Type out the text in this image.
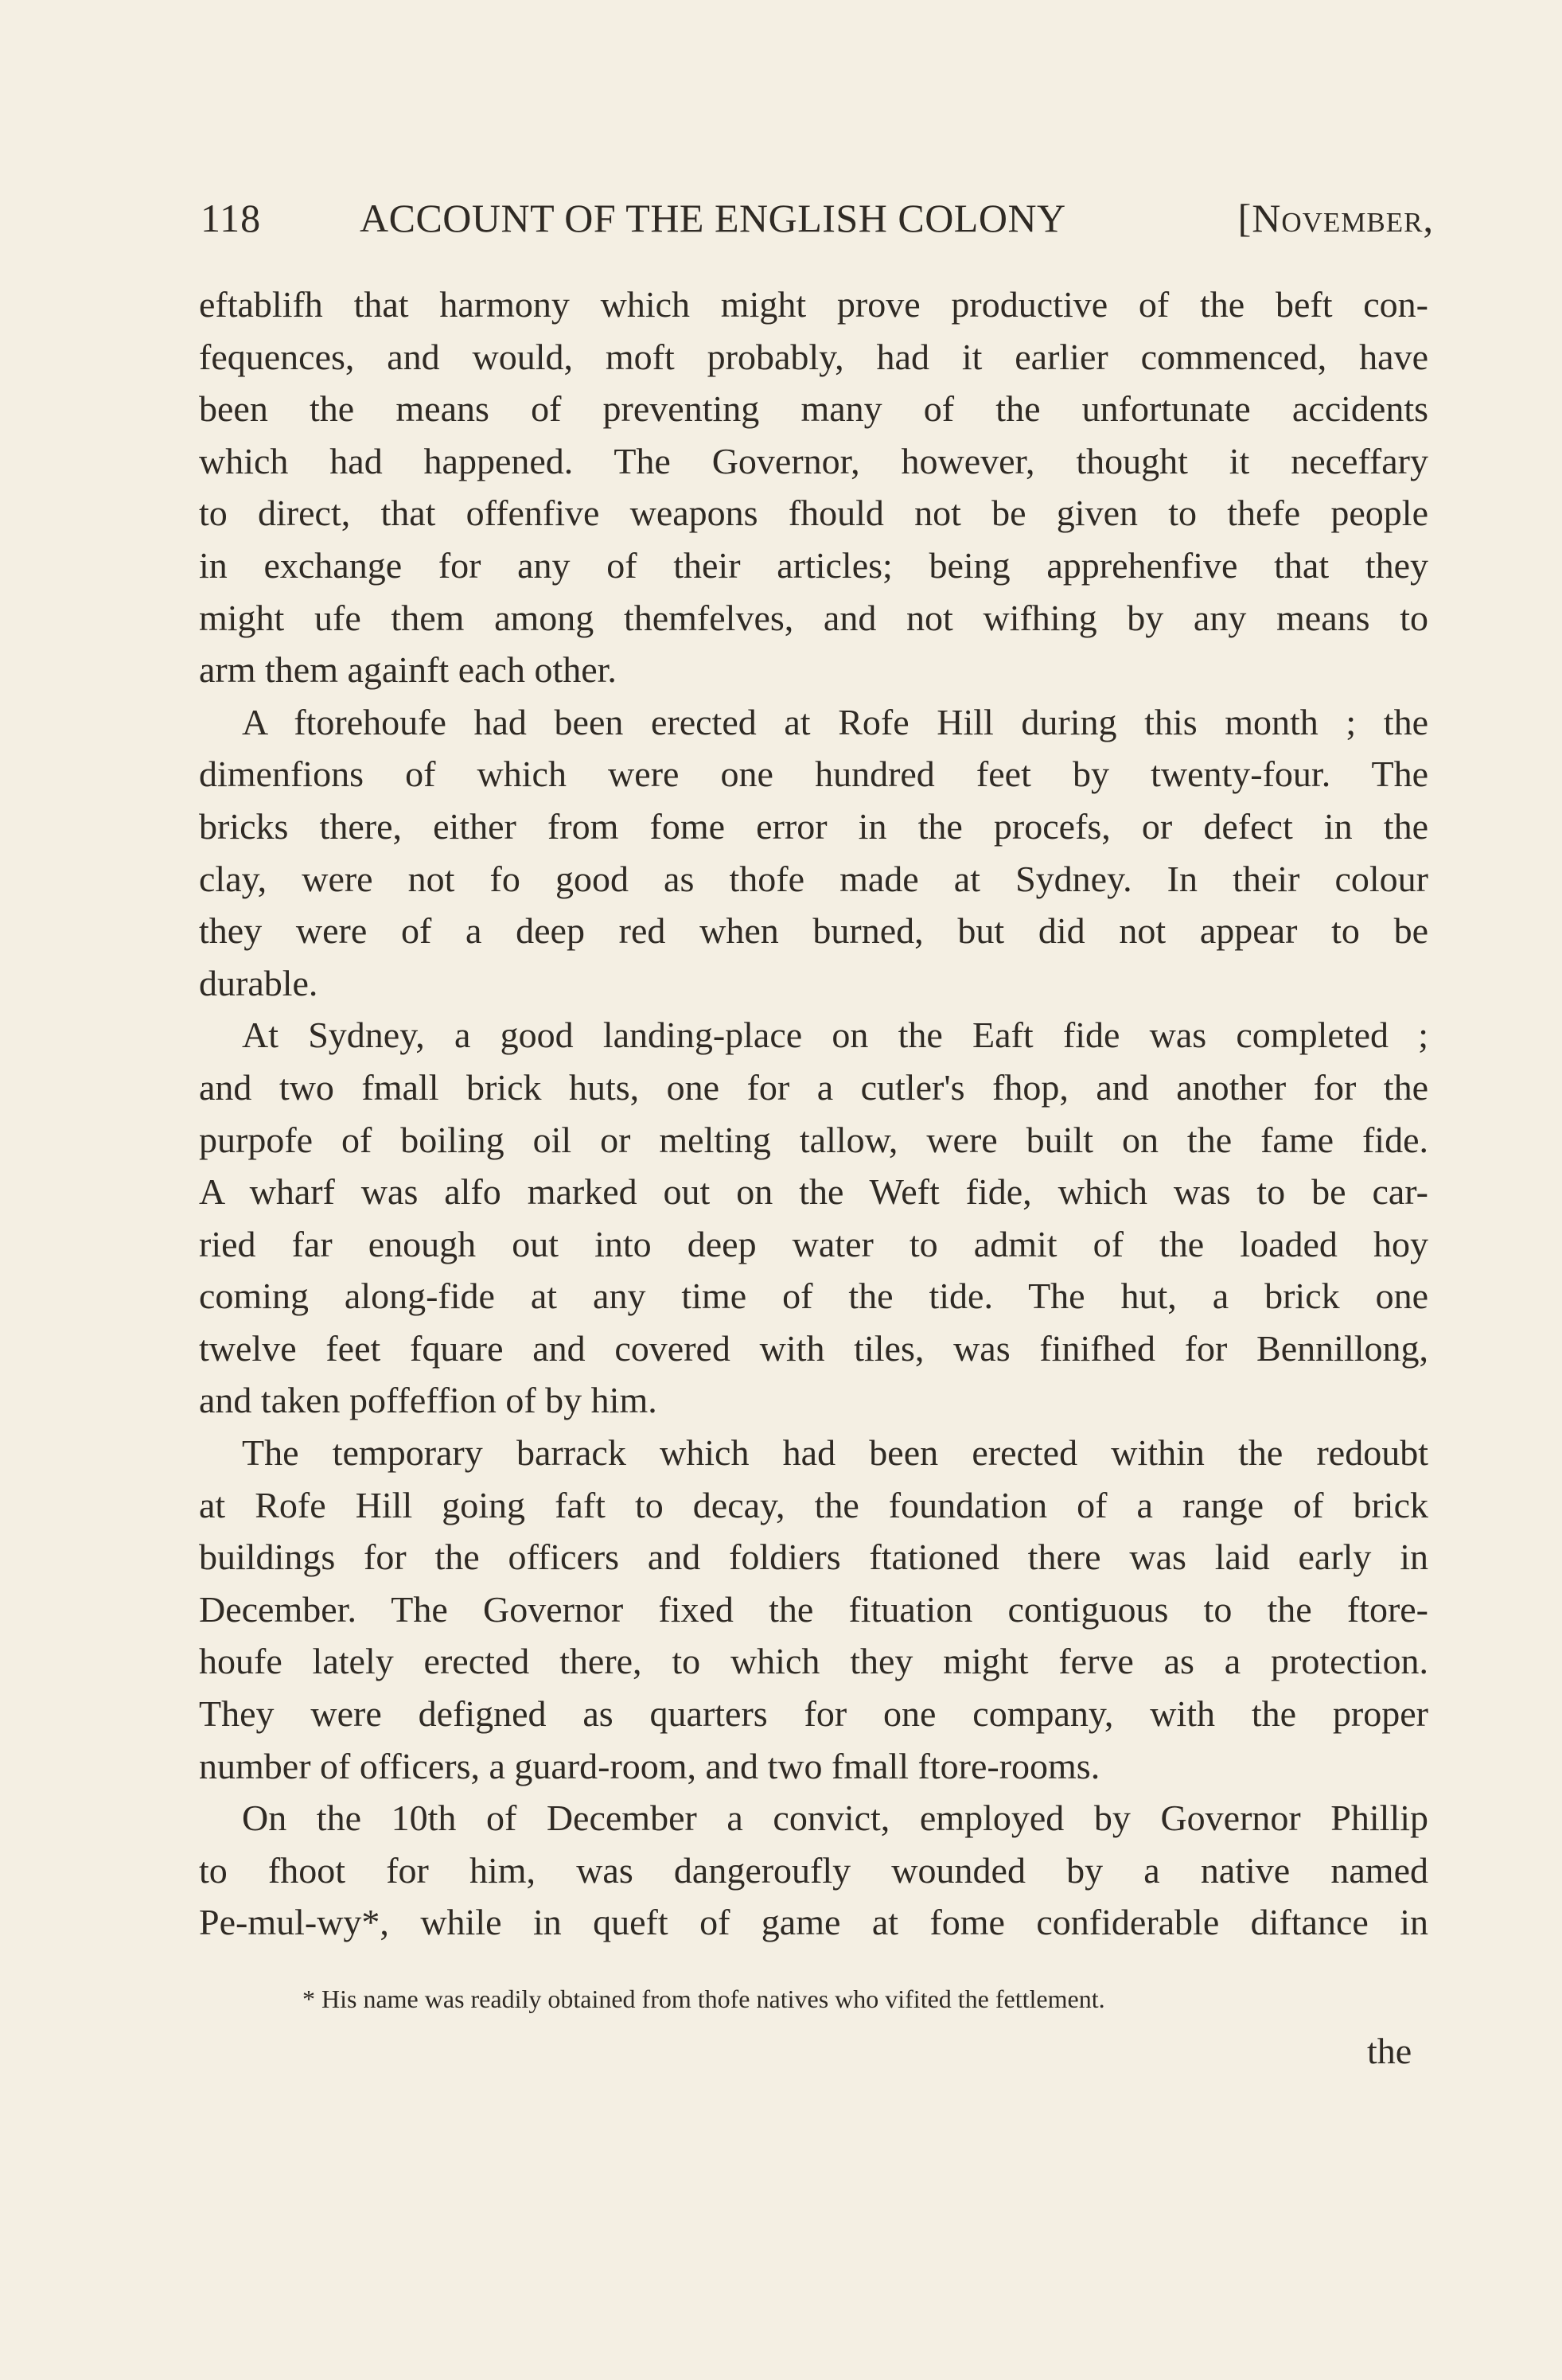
118 ACCOUNT OF THE ENGLISH COLONY	[November,
eftablifh that harmony which might prove productive of the beft con-
fequences, and would, moft probably, had it earlier commenced, have
been the means of preventing many of the unfortunate accidents
which had happened. The Governor, however, thought it neceffary
to direct, that offenfive weapons fhould not be given to thefe people
in exchange for any of their articles; being apprehenfive that they
might ufe them among themfelves, and not wifhing by any means to
arm them againft each other.
A ftorehoufe had been erected at Rofe Hill during this month ; the
dimenfions of which were one hundred feet by twenty-four. The
bricks there, either from fome error in the procefs, or defect in the
clay, were not fo good as thofe made at Sydney. In their colour
they were of a deep red when burned, but did not appear to be
durable.
At Sydney, a good landing-place on the Eaft fide was completed ;
and two fmall brick huts, one for a cutler's fhop, and another for the
purpofe of boiling oil or melting tallow, were built on the fame fide.
A wharf was alfo marked out on the Weft fide, which was to be car-
ried far enough out into deep water to admit of the loaded hoy
coming along-fide at any time of the tide. The hut, a brick one
twelve feet fquare and covered with tiles, was finifhed for Bennillong,
and taken poffeffion of by him.
The temporary barrack which had been erected within the redoubt
at Rofe Hill going faft to decay, the foundation of a range of brick
buildings for the officers and foldiers ftationed there was laid early in
December. The Governor fixed the fituation contiguous to the ftore-
houfe lately erected there, to which they might ferve as a protection.
They were defigned as quarters for one company, with the proper
number of officers, a guard-room, and two fmall ftore-rooms.
On the 10th of December a convict, employed by Governor Phillip
to fhoot for him, was dangeroufly wounded by a native named
Pe-mul-wy*, while in queft of game at fome confiderable diftance in
* His name was readily obtained from thofe natives who vifited the fettlement.
the
